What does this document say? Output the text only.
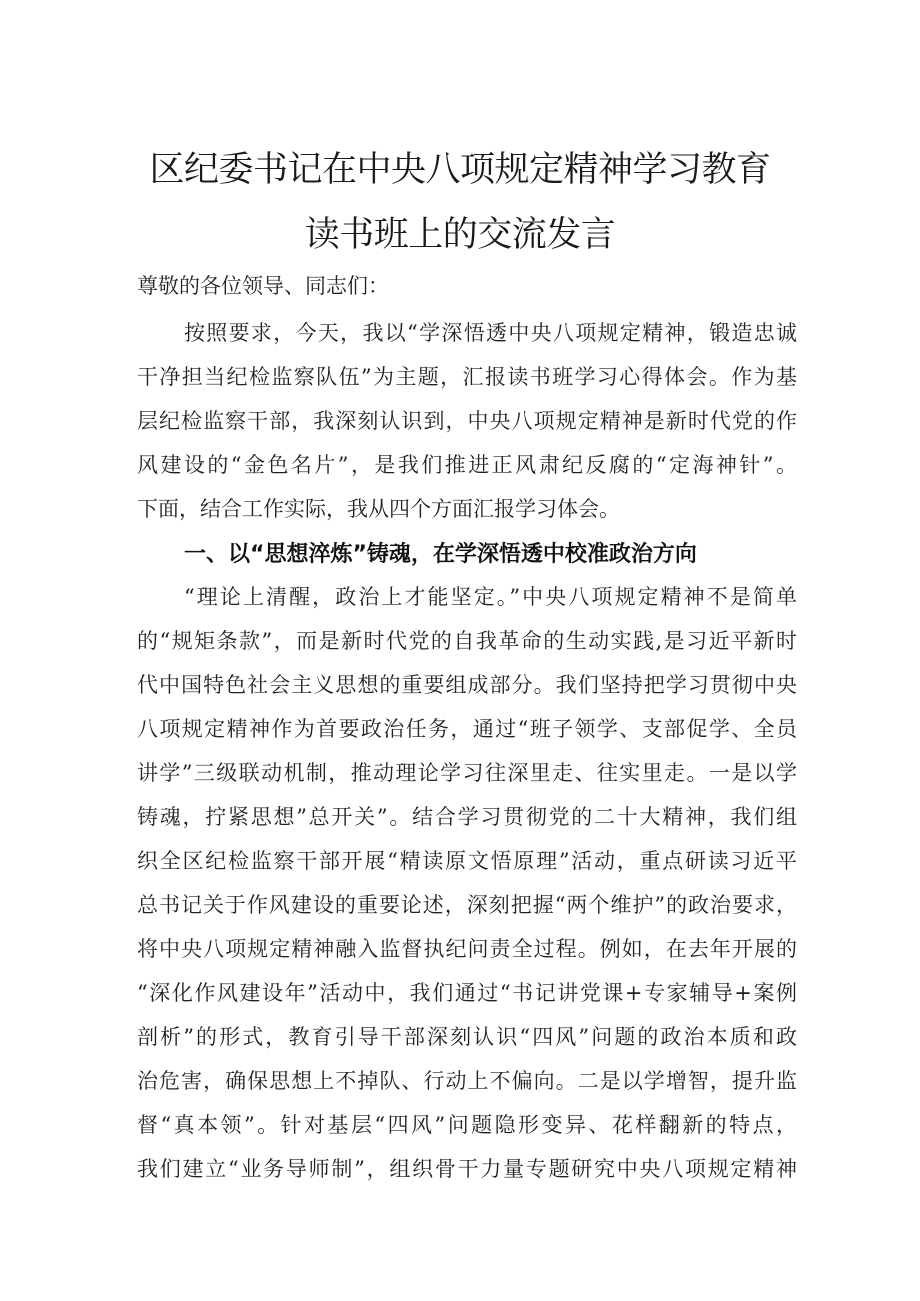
区纪委书记在中央八项规定精神学习教育
读书班上的交流发言
尊敬的各位领导、同志们：
按照要求，今天，我以“学深悟透中央八项规定精神，锻造忠诚
干净担当纪检监察队伍”为主题，汇报读书班学习心得体会。作为基
层纪检监察干部，我深刻认识到，中央八项规定精神是新时代党的作
风建设的“金色名片”，是我们推进正风肃纪反腐的“定海神针”。
下面，结合工作实际，我从四个方面汇报学习体会。
一、以“思想淬炼”铸魂，在学深悟透中校准政治方向
“理论上清醒，政治上才能坚定。”中央八项规定精神不是简单
的“规矩条款”，而是新时代党的自我革命的生动实践,是习近平新时
代中国特色社会主义思想的重要组成部分。我们坚持把学习贯彻中央
八项规定精神作为首要政治任务，通过“班子领学、支部促学、全员
讲学”三级联动机制，推动理论学习往深里走、往实里走。一是以学
铸魂，拧紧思想”总开关”。结合学习贯彻党的二十大精神，我们组
织全区纪检监察干部开展“精读原文悟原理”活动，重点研读习近平
总书记关于作风建设的重要论述，深刻把握“两个维护”的政治要求，
将中央八项规定精神融入监督执纪问责全过程。例如，在去年开展的
“深化作风建设年”活动中，我们通过“书记讲党课+专家辅导+案例
剖析”的形式，教育引导干部深刻认识“四风”问题的政治本质和政
治危害，确保思想上不掉队、行动上不偏向。二是以学增智，提升监
督“真本领”。针对基层“四风”问题隐形变异、花样翻新的特点，
我们建立“业务导师制”，组织骨干力量专题研究中央八项规定精神
